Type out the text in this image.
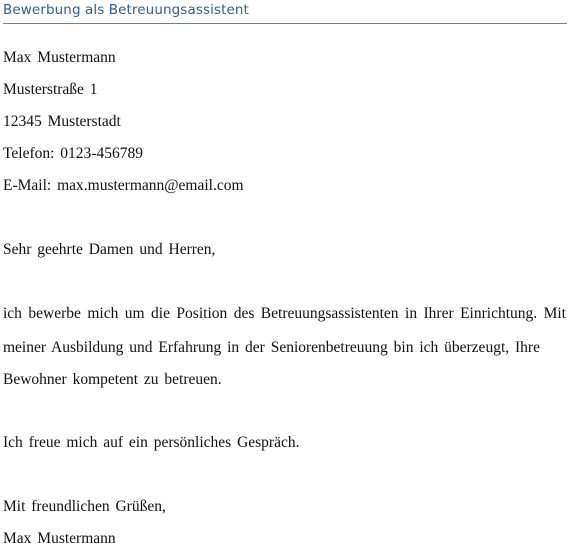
Bewerbung als Betreuungsassistent
Max Mustermann
Musterstraße 1
12345 Musterstadt
Telefon: 0123-456789
E-Mail: max.mustermann@email.com
Sehr geehrte Damen und Herren,
ich bewerbe mich um die Position des Betreuungsassistenten in Ihrer Einrichtung. Mit
meiner Ausbildung und Erfahrung in der Seniorenbetreuung bin ich überzeugt, Ihre
Bewohner kompetent zu betreuen.
Ich freue mich auf ein persönliches Gespräch.
Mit freundlichen Grüßen,
Max Mustermann
